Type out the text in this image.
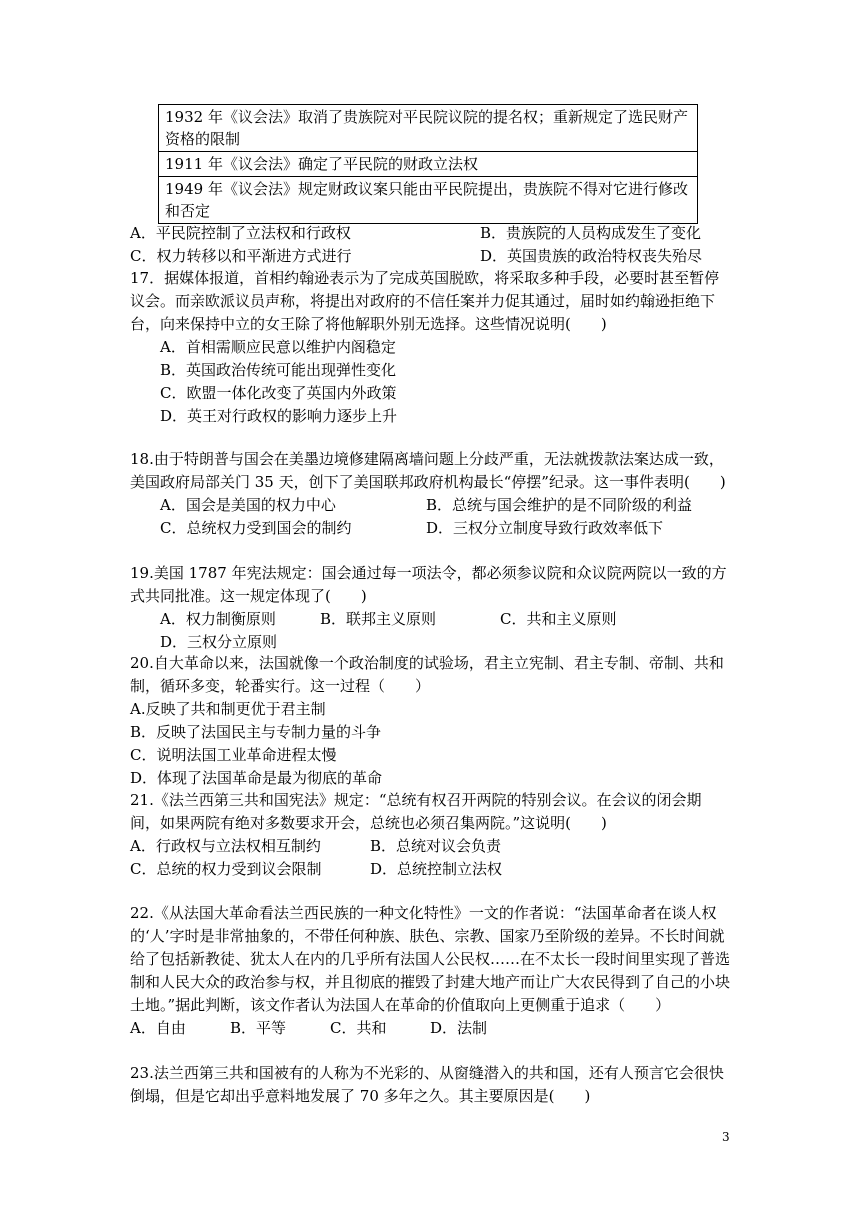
1932 年《议会法》取消了贵族院对平民院议院的提名权；重新规定了选民财产资格的限制
1911 年《议会法》确定了平民院的财政立法权
1949 年《议会法》规定财政议案只能由平民院提出，贵族院不得对它进行修改和否定
A．平民院控制了立法权和行政权	B．贵族院的人员构成发生了变化
C．权力转移以和平渐进方式进行	D．英国贵族的政治特权丧失殆尽

17．据媒体报道，首相约翰逊表示为了完成英国脱欧，将采取多种手段，必要时甚至暂停议会。而亲欧派议员声称，将提出对政府的不信任案并力促其通过，届时如约翰逊拒绝下台，向来保持中立的女王除了将他解职外别无选择。这些情况说明(　　)

A．首相需顺应民意以维护内阁稳定
B．英国政治传统可能出现弹性变化
C．欧盟一体化改变了英国内外政策
D．英王对行政权的影响力逐步上升

18.由于特朗普与国会在美墨边境修建隔离墙问题上分歧严重，无法就拨款法案达成一致，美国政府局部关门 35 天，创下了美国联邦政府机构最长“停摆”纪录。这一事件表明(　　)

A．国会是美国的权力中心	B．总统与国会维护的是不同阶级的利益
C．总统权力受到国会的制约	D．三权分立制度导致行政效率低下

19.美国 1787 年宪法规定：国会通过每一项法令，都必须参议院和众议院两院以一致的方式共同批准。这一规定体现了(　　)

A．权力制衡原则	B．联邦主义原则	C．共和主义原则
D．三权分立原则

20.自大革命以来，法国就像一个政治制度的试验场，君主立宪制、君主专制、帝制、共和制，循环多变，轮番实行。这一过程（　　）

A.反映了共和制更优于君主制
B．反映了法国民主与专制力量的斗争
C．说明法国工业革命进程太慢
D．体现了法国革命是最为彻底的革命

21.《法兰西第三共和国宪法》规定：“总统有权召开两院的特别会议。在会议的闭会期间，如果两院有绝对多数要求开会，总统也必须召集两院。”这说明(　　)

A．行政权与立法权相互制约	B．总统对议会负责
C．总统的权力受到议会限制	D．总统控制立法权

22.《从法国大革命看法兰西民族的一种文化特性》一文的作者说：“法国革命者在谈人权的‘人’字时是非常抽象的，不带任何种族、肤色、宗教、国家乃至阶级的差异。不长时间就给了包括新教徒、犹太人在内的几乎所有法国人公民权……在不太长一段时间里实现了普选制和人民大众的政治参与权，并且彻底的摧毁了封建大地产而让广大农民得到了自己的小块土地。”据此判断，该文作者认为法国人在革命的价值取向上更侧重于追求（　　）

A．自由	B．平等	C．共和	D．法制

23.法兰西第三共和国被有的人称为不光彩的、从窗缝潜入的共和国，还有人预言它会很快倒塌，但是它却出乎意料地发展了 70 多年之久。其主要原因是(　　)

3
